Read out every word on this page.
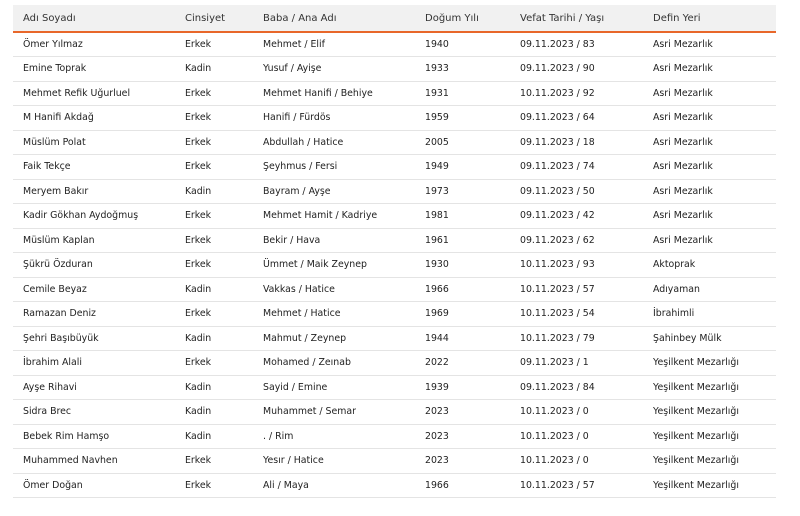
Adı Soyadı	Cinsiyet	Baba / Ana Adı	Doğum Yılı	Vefat Tarihi / Yaşı	Defin Yeri
Ömer Yılmaz	Erkek	Mehmet / Elif	1940	09.11.2023 / 83	Asri Mezarlık
Emine Toprak	Kadin	Yusuf / Ayişe	1933	09.11.2023 / 90	Asri Mezarlık
Mehmet Refik Uğurluel	Erkek	Mehmet Hanifi / Behiye	1931	10.11.2023 / 92	Asri Mezarlık
M Hanifi Akdağ	Erkek	Hanifi / Fürdös	1959	09.11.2023 / 64	Asri Mezarlık
Müslüm Polat	Erkek	Abdullah / Hatice	2005	09.11.2023 / 18	Asri Mezarlık
Faik Tekçe	Erkek	Şeyhmus / Fersi	1949	09.11.2023 / 74	Asri Mezarlık
Meryem Bakır	Kadin	Bayram / Ayşe	1973	09.11.2023 / 50	Asri Mezarlık
Kadir Gökhan Aydoğmuş	Erkek	Mehmet Hamit / Kadriye	1981	09.11.2023 / 42	Asri Mezarlık
Müslüm Kaplan	Erkek	Bekir / Hava	1961	09.11.2023 / 62	Asri Mezarlık
Şükrü Özduran	Erkek	Ümmet / Maik Zeynep	1930	10.11.2023 / 93	Aktoprak
Cemile Beyaz	Kadin	Vakkas / Hatice	1966	10.11.2023 / 57	Adıyaman
Ramazan Deniz	Erkek	Mehmet / Hatice	1969	10.11.2023 / 54	İbrahimli
Şehri Başıbüyük	Kadin	Mahmut / Zeynep	1944	10.11.2023 / 79	Şahinbey Mülk
İbrahim Alali	Erkek	Mohamed / Zeınab	2022	09.11.2023 / 1	Yeşilkent Mezarlığı
Ayşe Rihavi	Kadin	Sayid / Emine	1939	09.11.2023 / 84	Yeşilkent Mezarlığı
Sidra Brec	Kadin	Muhammet / Semar	2023	10.11.2023 / 0	Yeşilkent Mezarlığı
Bebek Rim Hamşo	Kadin	. / Rim	2023	10.11.2023 / 0	Yeşilkent Mezarlığı
Muhammed Navhen	Erkek	Yesır / Hatice	2023	10.11.2023 / 0	Yeşilkent Mezarlığı
Ömer Doğan	Erkek	Ali / Maya	1966	10.11.2023 / 57	Yeşilkent Mezarlığı
